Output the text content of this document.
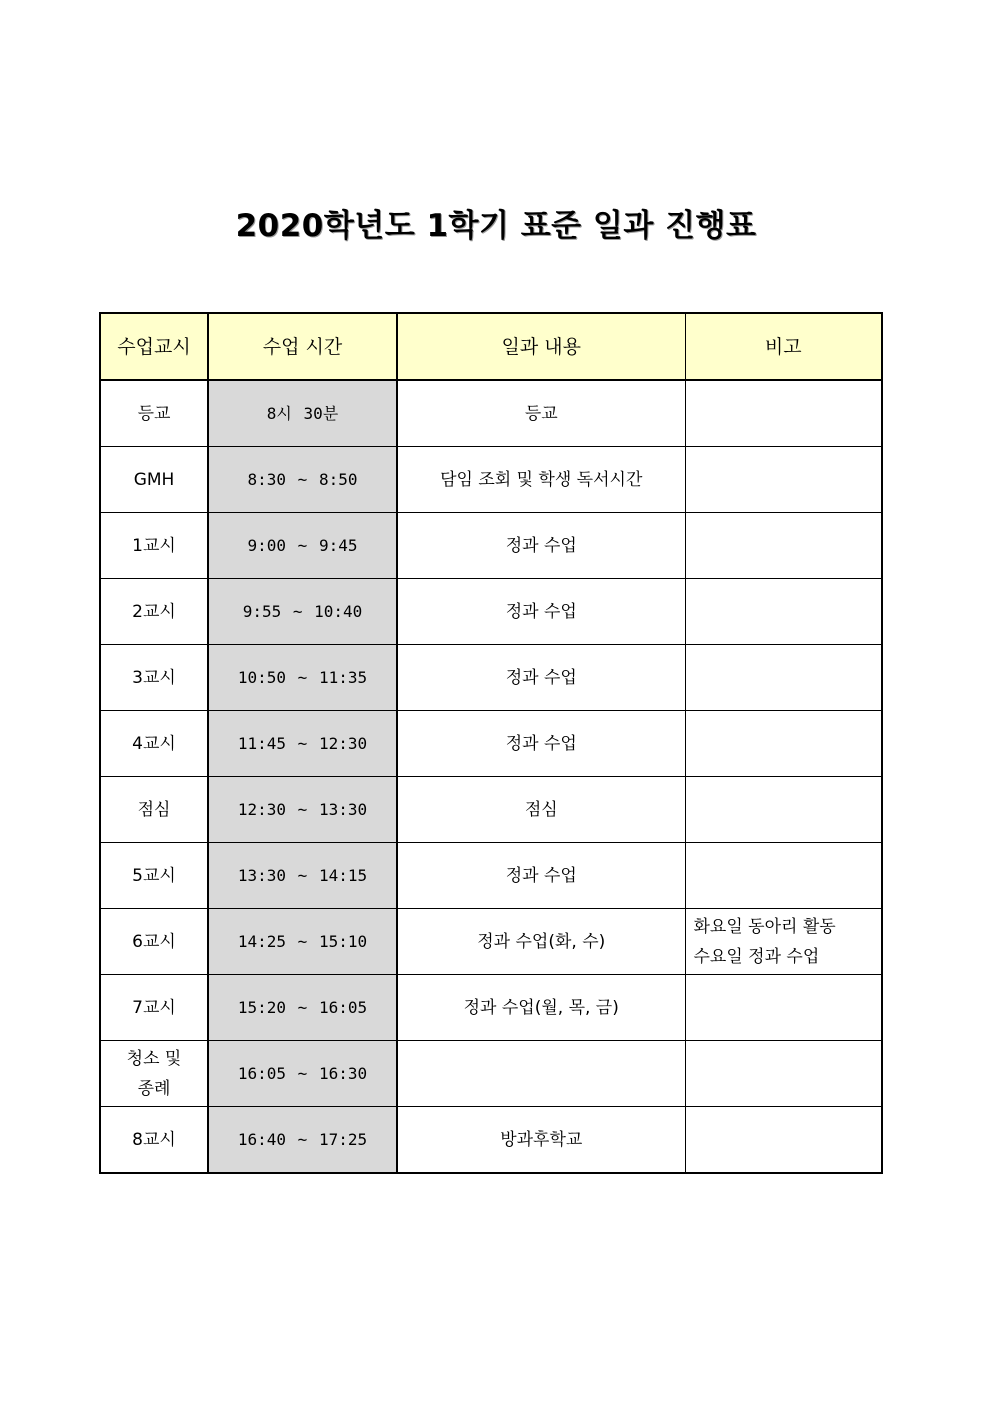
2020학년도 1학기 표준 일과 진행표
수업교시	수업 시간	일과 내용	비고
등교	8시 30분	등교	
GMH	8:30 ~ 8:50	담임 조회 및 학생 독서시간	
1교시	9:00 ~ 9:45	정과 수업	
2교시	9:55 ~ 10:40	정과 수업	
3교시	10:50 ~ 11:35	정과 수업	
4교시	11:45 ~ 12:30	정과 수업	
점심	12:30 ~ 13:30	점심	
5교시	13:30 ~ 14:15	정과 수업	
6교시	14:25 ~ 15:10	정과 수업(화, 수)	화요일 동아리 활동
수요일 정과 수업

7교시	15:20 ~ 16:05	정과 수업(월, 목, 금)	

청소 및
종례	16:05 ~ 16:30		
8교시	16:40 ~ 17:25	방과후학교	
